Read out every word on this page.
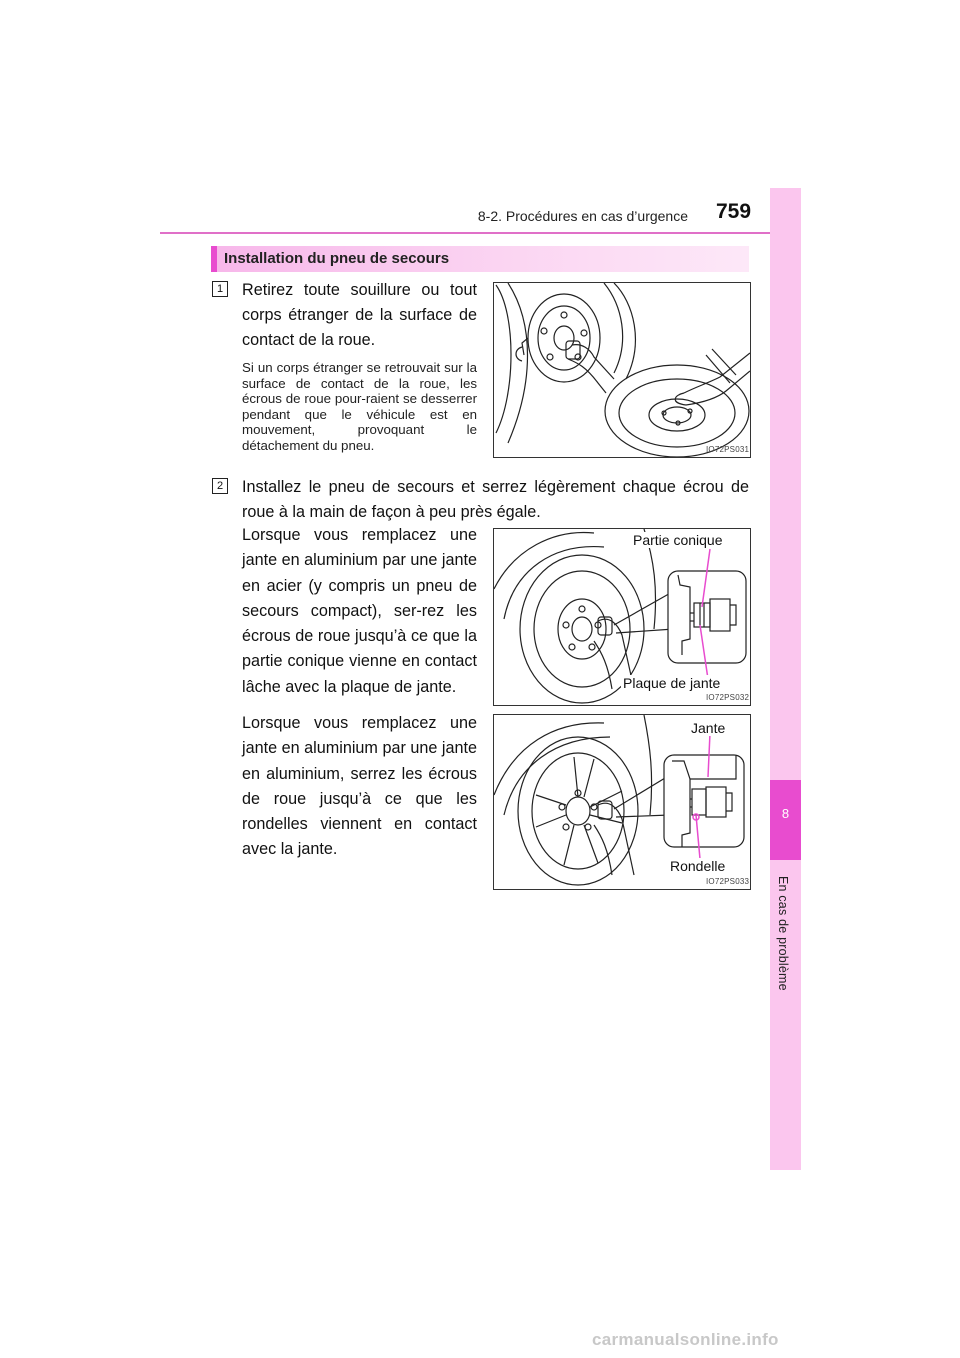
8-2. Procédures en cas d’urgence 759
8
En cas de problème
Installation du pneu de secours
1	Retirez toute souillure ou tout corps étranger de la surface de contact de la roue.
Si un corps étranger se retrouvait sur la surface de contact de la roue, les écrous de roue pour-raient se desserrer pendant que le véhicule est en mouvement, provoquant le détachement du pneu.	IO72PS031
2	Installez le pneu de secours et serrez légèrement chaque écrou de roue à la main de façon à peu près égale.
Lorsque vous remplacez une jante en aluminium par une jante en acier (y compris un pneu de secours compact), ser-rez les écrous de roue jusqu’à ce que la partie conique vienne en contact lâche avec la plaque de jante.
Lorsque vous remplacez une jante en aluminium par une jante en aluminium, serrez les écrous de roue jusqu’à ce que les rondelles viennent en contact avec la jante.
Partie conique
Plaque de jante
IO72PS032
Jante
Rondelle
IO72PS033
carmanualsonline.info
